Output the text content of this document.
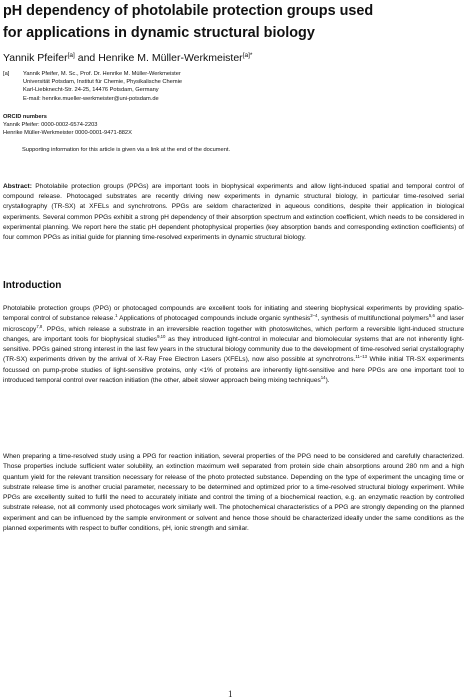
pH dependency of photolabile protection groups used
for applications in dynamic structural biology
Yannik Pfeifer[a] and Henrike M. Müller-Werkmeister$^{[a]*}$
[a]	Yannik Pfeifer, M. Sc., Prof. Dr. Henrike M. Müller-Werkmeister
Universität Potsdam, Institut für Chemie, Physikalische Chemie
Karl-Liebknecht-Str. 24-25, 14476 Potsdam, Germany
E-mail: henrike.mueller-werkmeister@uni-potsdam.de
ORCID numbers
Yannik Pfeifer: 0000-0002-6574-2203
Henrike Müller-Werkmeister 0000-0001-9471-882X
Supporting information for this article is given via a link at the end of the document.
Abstract: Photolabile protection groups (PPGs) are important tools in biophysical experiments and allow light-induced spatial and temporal control of compound release. Photocaged substrates are recently driving new experiments in dynamic structural biology, in particular time-resolved serial crystallography (TR-SX) at XFELs and synchrotrons. PPGs are seldom characterized in aqueous conditions, despite their application in biological experiments. Several common PPGs exhibit a strong pH dependency of their absorption spectrum and extinction coefficient, which needs to be considered in experimental planning. We report here the static pH dependent photophysical properties (key absorption bands and corresponding extinction coefficients) of four common PPGs as initial guide for planning time-resolved experiments in dynamic structural biology.
Introduction
Photolabile protection groups (PPG) or photocaged compounds are excellent tools for initiating and steering biophysical experiments by providing spatio-temporal control of substance release.$^1$ Applications of photocaged compounds include organic synthesis$^{2-4}$, synthesis of multifunctional polymers$^{5,6}$ and laser microscopy$^{7,8}$. PPGs, which release a substrate in an irreversible reaction together with photoswitches, which perform a reversible light-induced structure changes, are important tools for biophysical studies$^{9,10}$ as they introduced light-control in molecular and biomolecular systems that are not inherently light-sensitive. PPGs gained strong interest in the last few years in the structural biology community due to the development of time-resolved serial crystallography (TR-SX) experiments driven by the arrival of X-Ray Free Electron Lasers (XFELs), now also possible at synchrotrons.$^{11-13}$ While initial TR-SX experiments focussed on pump-probe studies of light-sensitive proteins, only <1% of proteins are inherently light-sensitive and here PPGs are one important tool to introduced temporal control over reaction initiation (the other, albeit slower approach being mixing techniques$^{14}$).
When preparing a time-resolved study using a PPG for reaction initiation, several properties of the PPG need to be considered and carefully characterized. Those properties include sufficient water solubility, an extinction maximum well separated from protein side chain absorptions around 280 nm and a high quantum yield for the relevant transition necessary for release of the photo protected substance. Depending on the type of experiment the uncaging time or substrate release time is another crucial parameter, necessary to be determined and optimized prior to a time-resolved structural biology experiment. While PPGs are excellently suited to fulfil the need to accurately initiate and control the timing of a biochemical reaction, e.g. an enzymatic reaction by controlled substrate release, not all commonly used photocages work similarly well. The photochemical characteristics of a PPG are strongly depending on the planned experiment and can be influenced by the sample environment or solvent and hence those should be characterized ideally under the same conditions as the planned experiments with respect to buffer conditions, pH, ionic strength and similar.
1
